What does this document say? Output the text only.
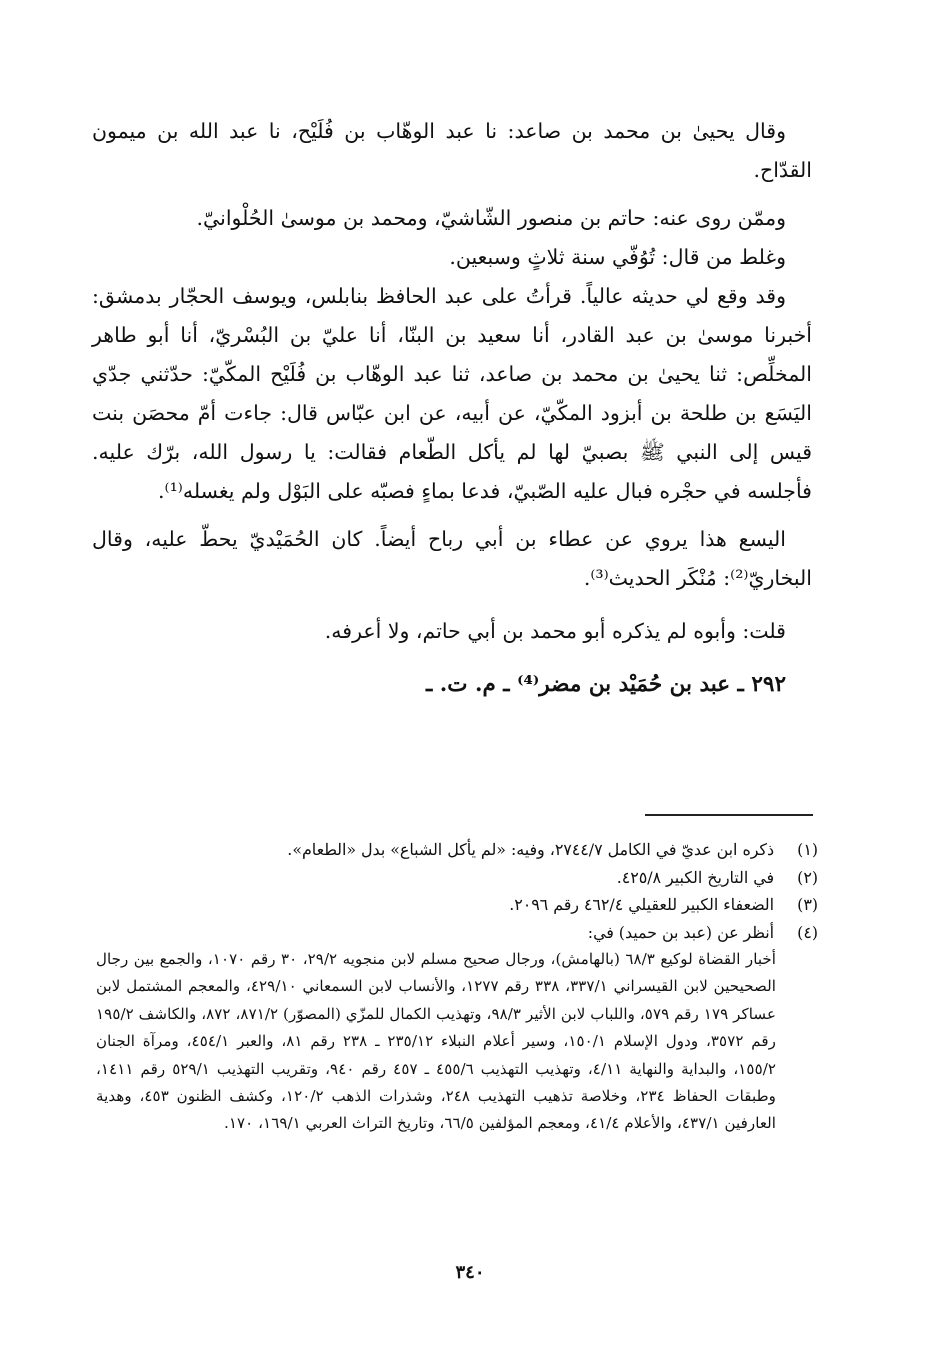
وقال يحيىٰ بن محمد بن صاعد: نا عبد الوهّاب بن فُلَيْح، نا عبد الله بن ميمون القدّاح.

وممّن روى عنه: حاتم بن منصور الشّاشيّ، ومحمد بن موسىٰ الحُلْوانيّ.

وغلط من قال: تُوُفّي سنة ثلاثٍ وسبعين.

وقد وقع لي حديثه عالياً. قرأتُ على عبد الحافظ بنابلس، ويوسف الحجّار بدمشق: أخبرنا موسىٰ بن عبد القادر، أنا سعيد بن البنّا، أنا عليّ بن البُسْريّ، أنا أبو طاهر المخلِّص: ثنا يحيىٰ بن محمد بن صاعد، ثنا عبد الوهّاب بن فُلَيْح المكّيّ: حدّثني جدّي اليَسَع بن طلحة بن أبزود المكّيّ، عن أبيه، عن ابن عبّاس قال: جاءت أمّ محصَن بنت قيس إلى النبي ﷺ بصبيّ لها لم يأكل الطّعام فقالت: يا رسول الله، برّك عليه. فأجلسه في حجْره فبال عليه الصّبيّ، فدعا بماءٍ فصبّه على البَوْل ولم يغسله⁽¹⁾.

اليسع هذا يروي عن عطاء بن أبي رباح أيضاً. كان الحُمَيْديّ يحطّ عليه، وقال البخاريّ⁽²⁾: مُنْكَر الحديث⁽³⁾.

قلت: وأبوه لم يذكره أبو محمد بن أبي حاتم، ولا أعرفه.

٢٩٢ ـ عبد بن حُمَيْد بن مضر⁽⁴⁾ ـ م. ت. ـ

(١)
ذكره ابن عديّ في الكامل ٢٧٤٤/٧، وفيه: «لم يأكل الشباع» بدل «الطعام».
(٢)
في التاريخ الكبير ٤٢٥/٨.
(٣)
الضعفاء الكبير للعقيلي ٤٦٢/٤ رقم ٢٠٩٦.
(٤)
أنظر عن (عبد بن حميد) في:
أخبار القضاة لوكيع ٦٨/٣ (بالهامش)، ورجال صحيح مسلم لابن منجويه ٢٩/٢، ٣٠ رقم ١٠٧٠، والجمع بين رجال الصحيحين لابن القيسراني ٣٣٧/١، ٣٣٨ رقم ١٢٧٧، والأنساب لابن السمعاني ٤٢٩/١٠، والمعجم المشتمل لابن عساكر ١٧٩ رقم ٥٧٩، واللباب لابن الأثير ٩٨/٣، وتهذيب الكمال للمزّي (المصوّر) ٨٧١/٢، ٨٧٢، والكاشف ١٩٥/٢ رقم ٣٥٧٢، ودول الإسلام ١٥٠/١، وسير أعلام النبلاء ٢٣٥/١٢ ـ ٢٣٨ رقم ٨١، والعبر ٤٥٤/١، ومرآة الجنان ١٥٥/٢، والبداية والنهاية ٤/١١، وتهذيب التهذيب ٤٥٥/٦ ـ ٤٥٧ رقم ٩٤٠، وتقريب التهذيب ٥٢٩/١ رقم ١٤١١، وطبقات الحفاظ ٢٣٤، وخلاصة تذهيب التهذيب ٢٤٨، وشذرات الذهب ١٢٠/٢، وكشف الظنون ٤٥٣، وهدية العارفين ٤٣٧/١، والأعلام ٤١/٤، ومعجم المؤلفين ٦٦/٥، وتاريخ التراث العربي ١٦٩/١، ١٧٠.
٣٤٠
